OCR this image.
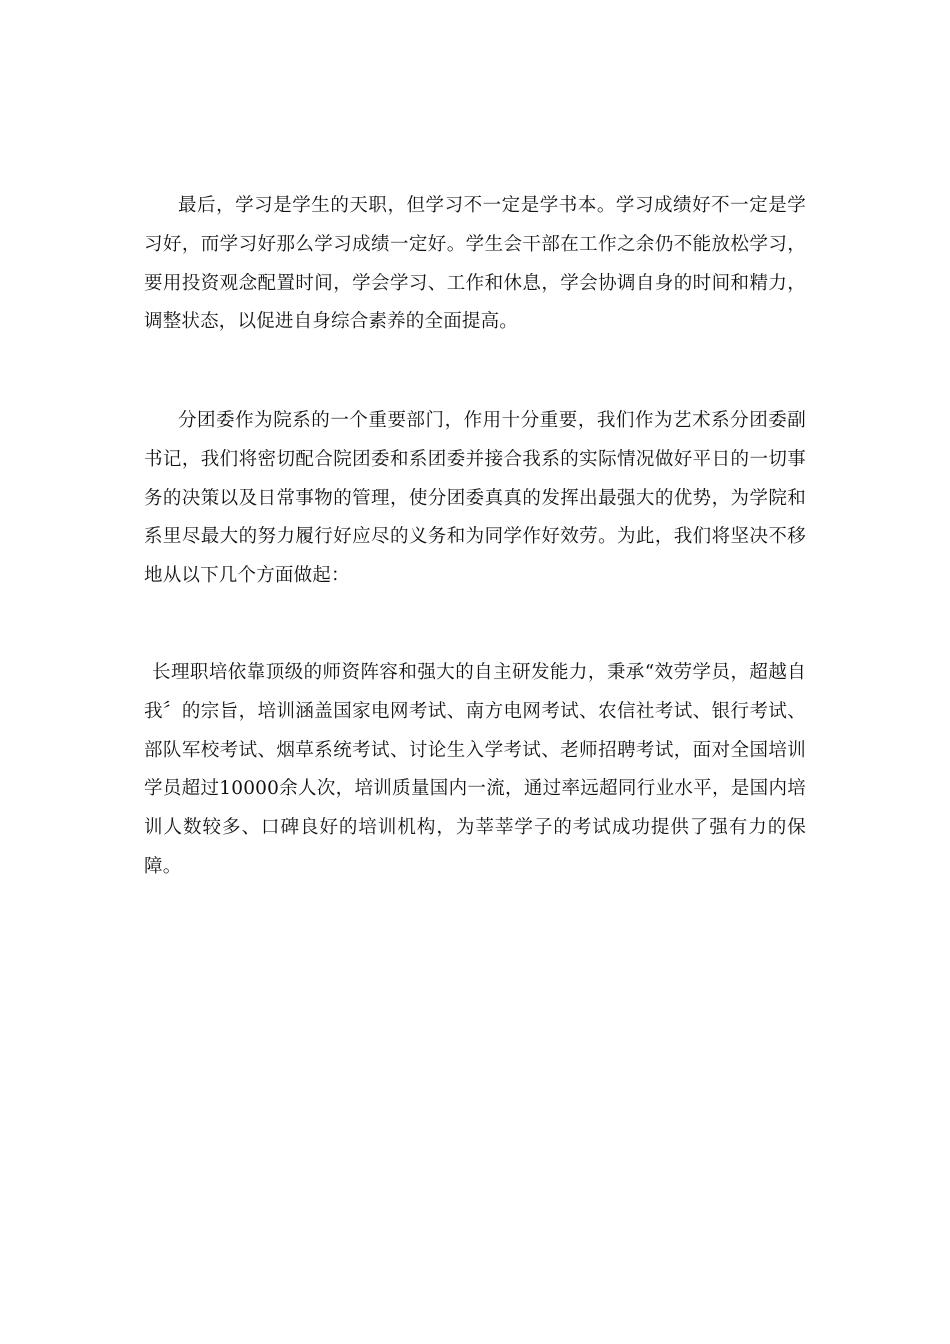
最后，学习是学生的天职，但学习不一定是学书本。学习成绩好不一定是学习好，而学习好那么学习成绩一定好。学生会干部在工作之余仍不能放松学习，要用投资观念配置时间，学会学习、工作和休息，学会协调自身的时间和精力，调整状态，以促进自身综合素养的全面提高。

分团委作为院系的一个重要部门，作用十分重要，我们作为艺术系分团委副书记，我们将密切配合院团委和系团委并接合我系的实际情况做好平日的一切事务的决策以及日常事物的管理，使分团委真真的发挥出最强大的优势，为学院和系里尽最大的努力履行好应尽的义务和为同学作好效劳。为此，我们将坚决不移地从以下几个方面做起：

长理职培依靠顶级的师资阵容和强大的自主研发能力，秉承“效劳学员，超越自我〞的宗旨，培训涵盖国家电网考试、南方电网考试、农信社考试、银行考试、部队军校考试、烟草系统考试、讨论生入学考试、老师招聘考试，面对全国培训学员超过10000余人次，培训质量国内一流，通过率远超同行业水平，是国内培训人数较多、口碑良好的培训机构，为莘莘学子的考试成功提供了强有力的保障。
